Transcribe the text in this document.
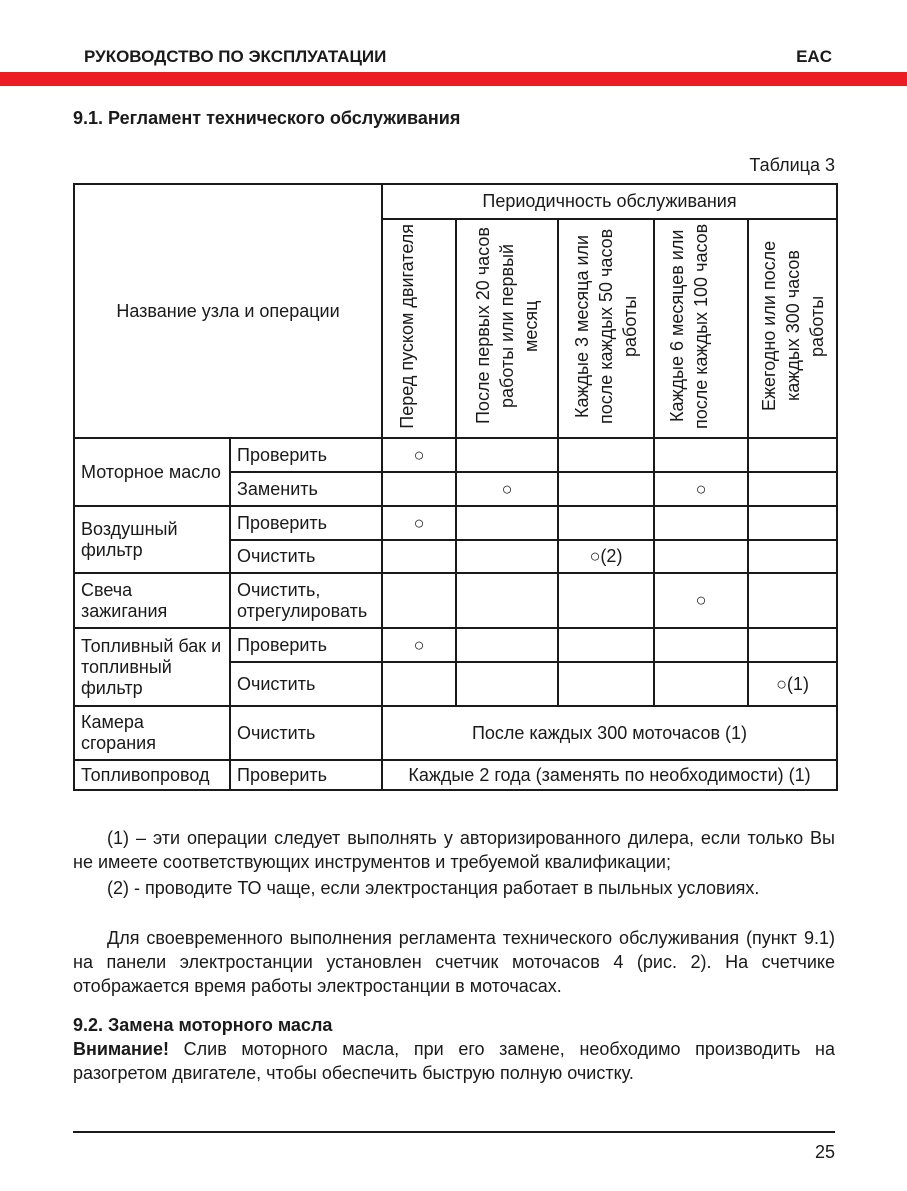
РУКОВОДСТВО ПО ЭКСПЛУАТАЦИИ	EAC
9.1. Регламент технического обслуживания
Таблица 3
Название узла и операции		Периодичность обслуживания				
		Перед пуском двигателя	После первых 20 часов работы или первый месяц	Каждые 3 месяца или после каждых 50 часов работы	Каждые 6 месяцев или после каждых 100 часов	Ежегодно или после каждых 300 часов работы
Моторное масло	Проверить	○				
	Заменить		○		○	
Воздушный фильтр	Проверить	○				
	Очистить			○(2)		
Свеча зажигания	Очистить, отрегулировать				○	
Топливный бак и топливный фильтр	Проверить	○				
	Очистить					○(1)
Камера сгорания	Очистить	После каждых 300 моточасов (1)				
Топливопровод	Проверить	Каждые 2 года (заменять по необходимости) (1)				
(1) – эти операции следует выполнять у авторизированного дилера, если только Вы не имеете соответствующих инструментов и требуемой квалификации;
(2) - проводите ТО чаще, если электростанция работает в пыльных условиях.
Для своевременного выполнения регламента технического обслуживания (пункт 9.1) на панели электростанции установлен счетчик моточасов 4 (рис. 2). На счетчике отображается время работы электростанции в моточасах.
9.2. Замена моторного масла
Внимание! Слив моторного масла, при его замене, необходимо производить на разогретом двигателе, чтобы обеспечить быструю полную очистку.
25
